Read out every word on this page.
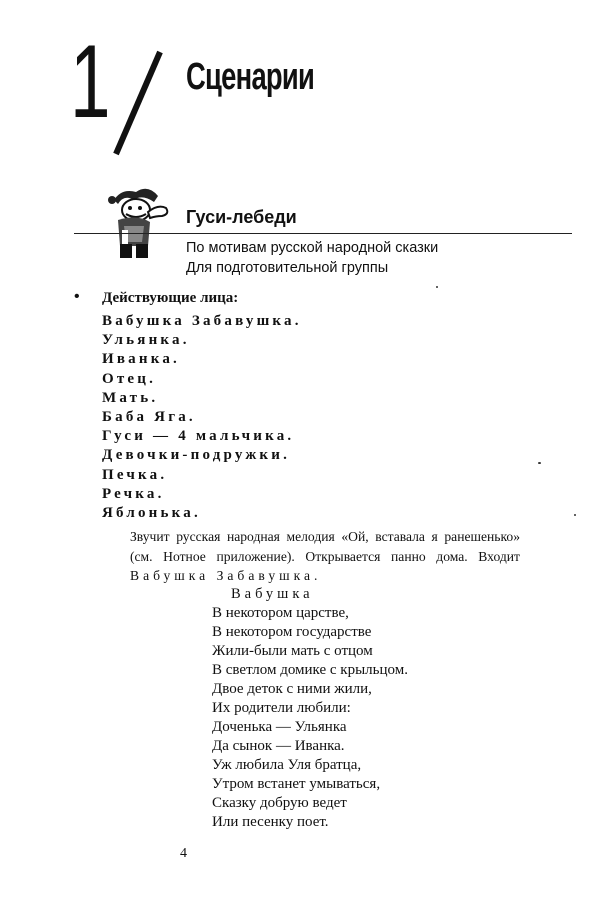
1 Сценарии
Гуси-лебеди
По мотивам русской народной сказки
Для подготовительной группы
• Действующие лица:
Вабушка Забавушка.
Ульянка.
Иванка.
Отец.
Мать.
Баба Яга.
Гуси — 4 мальчика.
Девочки-подружки.
Печка.
Речка.
Яблонька.
Звучит русская народная мелодия «Ой, вставала я ранешенько» (см. Нотное приложение). Открывается панно дома. Входит Вабушка Забавушка.
Вабушка
В некотором царстве,
В некотором государстве
Жили-были мать с отцом
В светлом домике с крыльцом.
Двое деток с ними жили,
Их родители любили:
Доченька — Ульянка
Да сынок — Иванка.
Уж любила Уля братца,
Утром встанет умываться,
Сказку добрую ведет
Или песенку поет.
4
